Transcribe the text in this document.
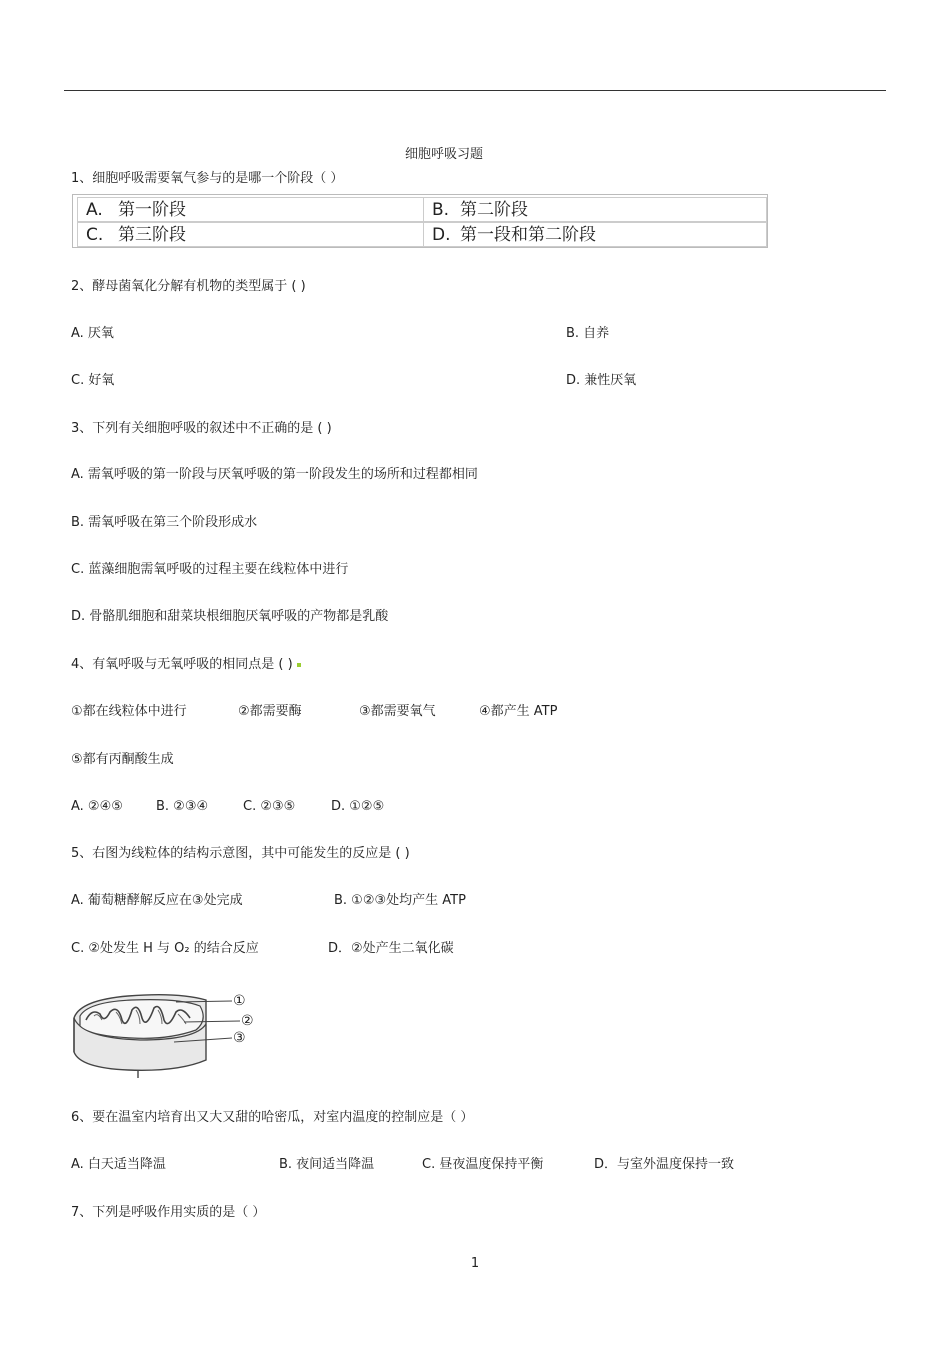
细胞呼吸习题
1、细胞呼吸需要氧气参与的是哪一个阶段（ ）
A. 第一阶段	B. 第二阶段
C. 第三阶段	D. 第一段和第二阶段
2、酵母菌氧化分解有机物的类型属于 ( )
A. 厌氧	B. 自养
C. 好氧	D. 兼性厌氧
3、下列有关细胞呼吸的叙述中不正确的是 ( )
A. 需氧呼吸的第一阶段与厌氧呼吸的第一阶段发生的场所和过程都相同
B. 需氧呼吸在第三个阶段形成水
C. 蓝藻细胞需氧呼吸的过程主要在线粒体中进行
D. 骨骼肌细胞和甜菜块根细胞厌氧呼吸的产物都是乳酸
4、有氧呼吸与无氧呼吸的相同点是 ( )
①都在线粒体中进行	②都需要酶	③都需要氧气	④都产生 ATP
⑤都有丙酮酸生成
A. ②④⑤	B. ②③④	C. ②③⑤	D. ①②⑤
5、右图为线粒体的结构示意图，其中可能发生的反应是 ( )
A. 葡萄糖酵解反应在③处完成	B. ①②③处均产生 ATP
C. ②处发生 H 与 O₂ 的结合反应	D．②处产生二氧化碳
①
②
③
6、要在温室内培育出又大又甜的哈密瓜，对室内温度的控制应是（ ）
A. 白天适当降温	B. 夜间适当降温	C. 昼夜温度保持平衡	D．与室外温度保持一致
7、下列是呼吸作用实质的是（ ）
1
